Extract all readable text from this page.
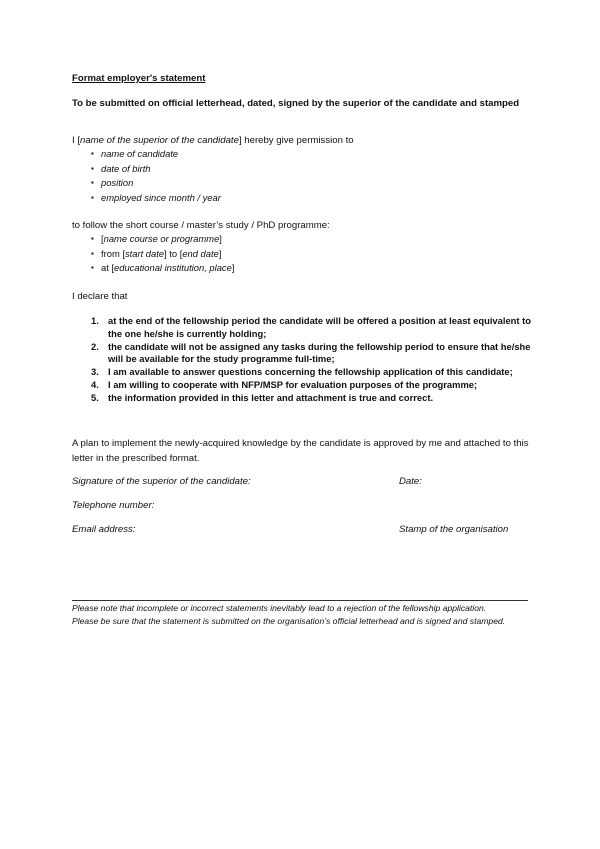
Format employer's statement

To be submitted on official letterhead, dated, signed by the superior of the candidate and stamped

I [name of the superior of the candidate] hereby give permission to

▪ name of candidate
▪ date of birth
▪ position
▪ employed since month / year

to follow the short course / master’s study / PhD programme:

▪ [name course or programme]
▪ from [start date] to [end date]
▪ at [educational institution, place]

I declare that

1. at the end of the fellowship period the candidate will be offered a position at least equivalent to the one he/she is currently holding;
2. the candidate will not be assigned any tasks during the fellowship period to ensure that he/she will be available for the study programme full-time;
3. I am available to answer questions concerning the fellowship application of this candidate;
4. I am willing to cooperate with NFP/MSP for evaluation purposes of the programme;
5. the information provided in this letter and attachment is true and correct.

A plan to implement the newly-acquired knowledge by the candidate is approved by me and attached to this letter in the prescribed format.

Signature of the superior of the candidate:	Date:

Telephone number:

Email address:	Stamp of the organisation

Please note that incomplete or incorrect statements inevitably lead to a rejection of the fellowship application.
Please be sure that the statement is submitted on the organisation’s official letterhead and is signed and stamped.
